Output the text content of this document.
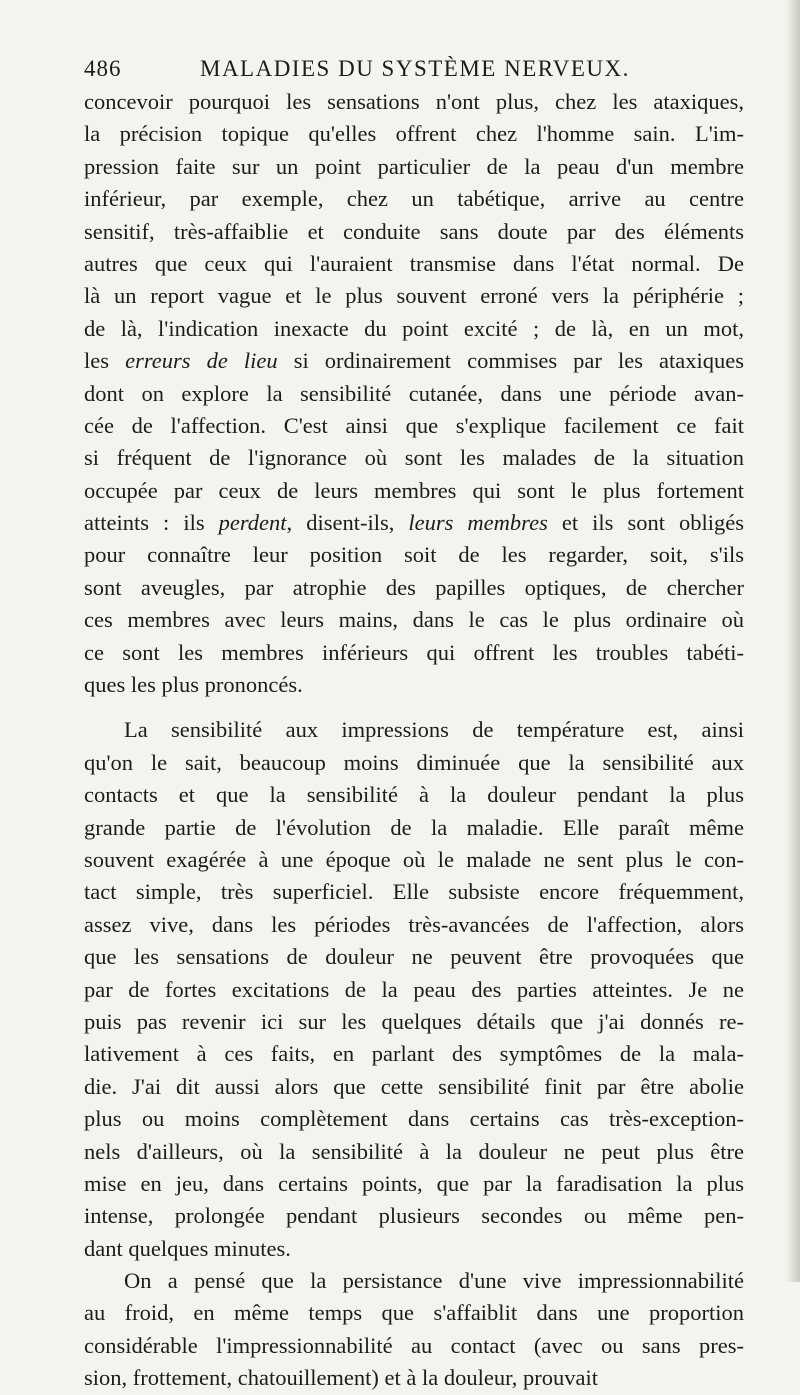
486	MALADIES DU SYSTÈME NERVEUX.
concevoir pourquoi les sensations n'ont plus, chez les ataxiques,
la précision topique qu'elles offrent chez l'homme sain. L'im-
pression faite sur un point particulier de la peau d'un membre
inférieur, par exemple, chez un tabétique, arrive au centre
sensitif, très-affaiblie et conduite sans doute par des éléments
autres que ceux qui l'auraient transmise dans l'état normal. De
là un report vague et le plus souvent erroné vers la périphérie ;
de là, l'indication inexacte du point excité ; de là, en un mot,
les erreurs de lieu si ordinairement commises par les ataxiques
dont on explore la sensibilité cutanée, dans une période avan-
cée de l'affection. C'est ainsi que s'explique facilement ce fait
si fréquent de l'ignorance où sont les malades de la situation
occupée par ceux de leurs membres qui sont le plus fortement
atteints : ils perdent, disent-ils, leurs membres et ils sont obligés
pour connaître leur position soit de les regarder, soit, s'ils
sont aveugles, par atrophie des papilles optiques, de chercher
ces membres avec leurs mains, dans le cas le plus ordinaire où
ce sont les membres inférieurs qui offrent les troubles tabéti-
ques les plus prononcés.
La sensibilité aux impressions de température est, ainsi
qu'on le sait, beaucoup moins diminuée que la sensibilité aux
contacts et que la sensibilité à la douleur pendant la plus
grande partie de l'évolution de la maladie. Elle paraît même
souvent exagérée à une époque où le malade ne sent plus le con-
tact simple, très superficiel. Elle subsiste encore fréquemment,
assez vive, dans les périodes très-avancées de l'affection, alors
que les sensations de douleur ne peuvent être provoquées que
par de fortes excitations de la peau des parties atteintes. Je ne
puis pas revenir ici sur les quelques détails que j'ai donnés re-
lativement à ces faits, en parlant des symptômes de la mala-
die. J'ai dit aussi alors que cette sensibilité finit par être abolie
plus ou moins complètement dans certains cas très-exception-
nels d'ailleurs, où la sensibilité à la douleur ne peut plus être
mise en jeu, dans certains points, que par la faradisation la plus
intense, prolongée pendant plusieurs secondes ou même pen-
dant quelques minutes.
On a pensé que la persistance d'une vive impressionnabilité
au froid, en même temps que s'affaiblit dans une proportion
considérable l'impressionnabilité au contact (avec ou sans pres-
sion, frottement, chatouillement) et à la douleur, prouvait
